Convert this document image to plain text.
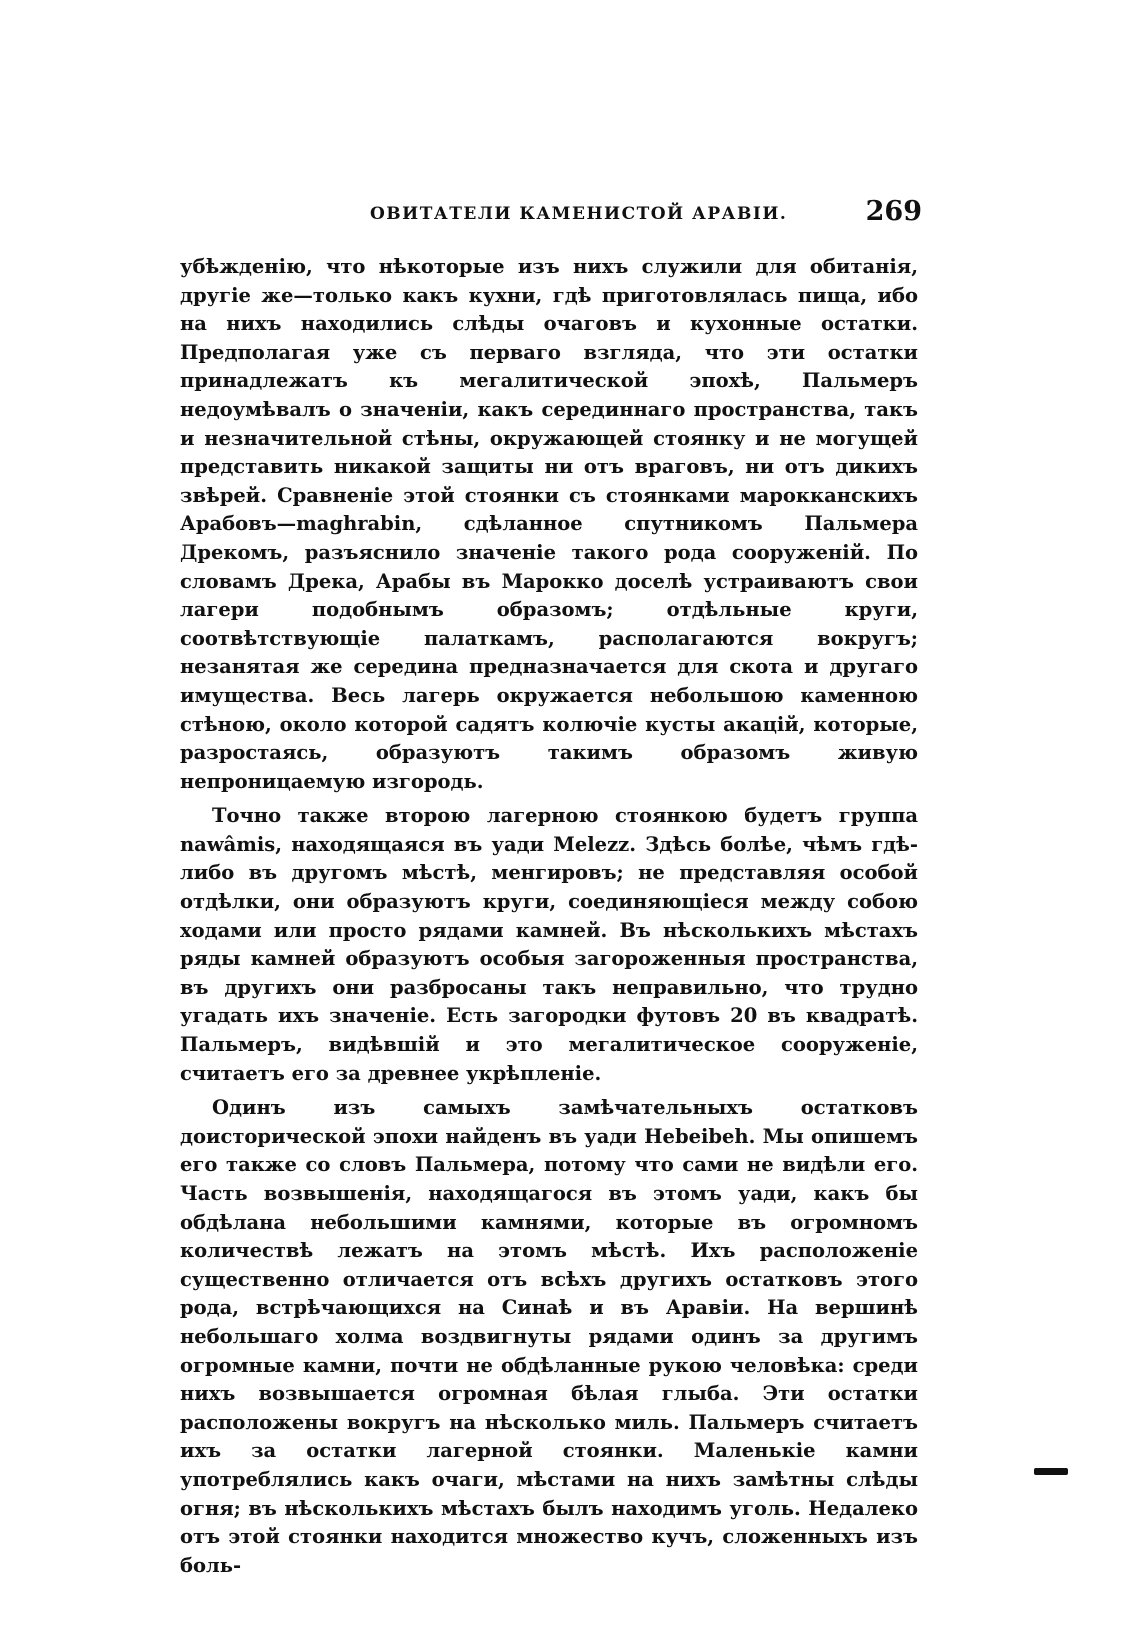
ОВИТАТЕЛИ КАМЕНИСТОЙ АРАВІИ.	269

убѣжденію, что нѣкоторые изъ нихъ служили для обитанія, другіе же—только какъ кухни, гдѣ приготовлялась пища, ибо на нихъ находились слѣды очаговъ и кухонные остатки. Предполагая уже съ перваго взгляда, что эти остатки принадлежатъ къ мегалитической эпохѣ, Пальмеръ недоумѣвалъ о значеніи, какъ серединнаго пространства, такъ и незначительной стѣны, окружающей стоянку и не могущей представить никакой защиты ни отъ враговъ, ни отъ дикихъ звѣрей. Сравненіе этой стоянки съ стоянками марокканскихъ Арабовъ—maghrabin, сдѣланное спутникомъ Пальмера Дрекомъ, разъяснило значеніе такого рода сооруженій. По словамъ Дрека, Арабы въ Марокко доселѣ устраиваютъ свои лагери подобнымъ образомъ; отдѣльные круги, соотвѣтствующіе палаткамъ, располагаются вокругъ; незанятая же середина предназначается для скота и другаго имущества. Весь лагерь окружается небольшою каменною стѣною, около которой садятъ колючіе кусты акацій, которые, разростаясь, образуютъ такимъ образомъ живую непроницаемую изгородь.

Точно также второю лагерною стоянкою будетъ группа nawâmis, находящаяся въ уади Melezz. Здѣсь болѣе, чѣмъ гдѣ-либо въ другомъ мѣстѣ, менгировъ; не представляя особой отдѣлки, они образуютъ круги, соединяющіеся между собою ходами или просто рядами камней. Въ нѣсколькихъ мѣстахъ ряды камней образуютъ особыя загороженныя пространства, въ другихъ они разбросаны такъ неправильно, что трудно угадать ихъ значеніе. Есть загородки футовъ 20 въ квадратѣ. Пальмеръ, видѣвшій и это мегалитическое сооруженіе, считаетъ его за древнее укрѣпленіе.

Одинъ изъ самыхъ замѣчательныхъ остатковъ доисторической эпохи найденъ въ уади Hebeibeh. Мы опишемъ его также со словъ Пальмера, потому что сами не видѣли его. Часть возвышенія, находящагося въ этомъ уади, какъ бы обдѣлана небольшими камнями, которые въ огромномъ количествѣ лежатъ на этомъ мѣстѣ. Ихъ расположеніе существенно отличается отъ всѣхъ другихъ остатковъ этого рода, встрѣчающихся на Синаѣ и въ Аравіи. На вершинѣ небольшаго холма воздвигнуты рядами одинъ за другимъ огромные камни, почти не обдѣланные рукою человѣка: среди нихъ возвышается огромная бѣлая глыба. Эти остатки расположены вокругъ на нѣсколько миль. Пальмеръ считаетъ ихъ за остатки лагерной стоянки. Маленькіе камни употреблялись какъ очаги, мѣстами на нихъ замѣтны слѣды огня; въ нѣсколькихъ мѣстахъ былъ находимъ уголь. Недалеко отъ этой стоянки находится множество кучъ, сложенныхъ изъ боль-
